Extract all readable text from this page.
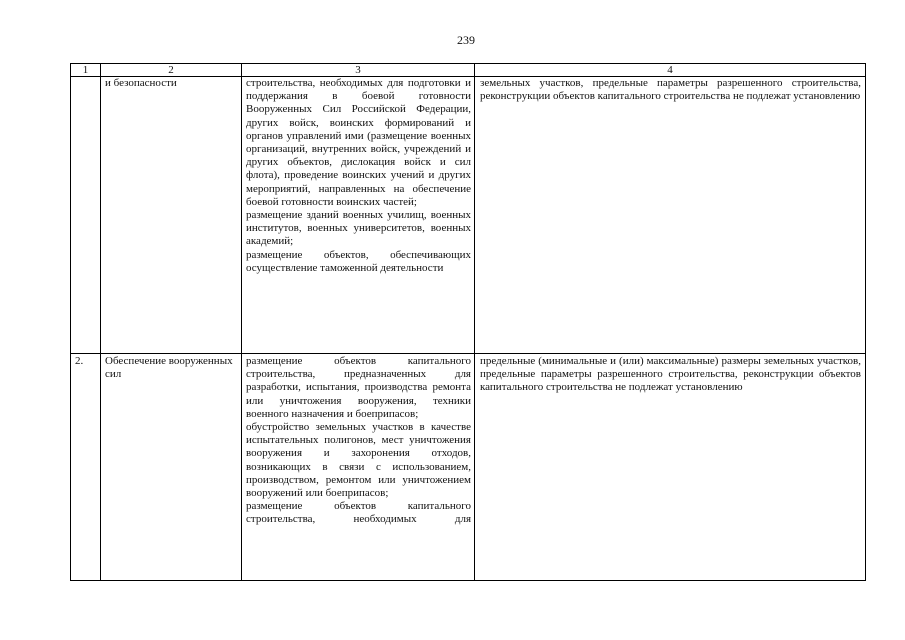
239
1	2	3	4
	и безопасности	строительства, необходимых для подготовки и поддержания в боевой готовности Вооруженных Сил Российской Федерации, других войск, воинских формирований и органов управлений ими (размещение военных организаций, внутренних войск, учреждений и других объектов, дислокация войск и сил флота), проведение воинских учений и других мероприятий, направленных на обеспечение боевой готовности воинских частей;
размещение зданий военных училищ, военных институтов, военных университетов, военных академий;
размещение объектов, обеспечивающих осуществление таможенной деятельности	земельных участков, предельные параметры разрешенного строительства, реконструкции объектов капитального строительства не подлежат установлению
2.	Обеспечение вооруженных сил	размещение объектов капитального строительства, предназначенных для разработки, испытания, производства ремонта или уничтожения вооружения, техники военного назначения и боеприпасов;
обустройство земельных участков в качестве испытательных полигонов, мест уничтожения вооружения и захоронения отходов, возникающих в связи с использованием, производством, ремонтом или уничтожением вооружений или боеприпасов;
размещение объектов капитального строительства, необходимых для	предельные (минимальные и (или) максимальные) размеры земельных участков, предельные параметры разрешенного строительства, реконструкции объектов капитального строительства не подлежат установлению
